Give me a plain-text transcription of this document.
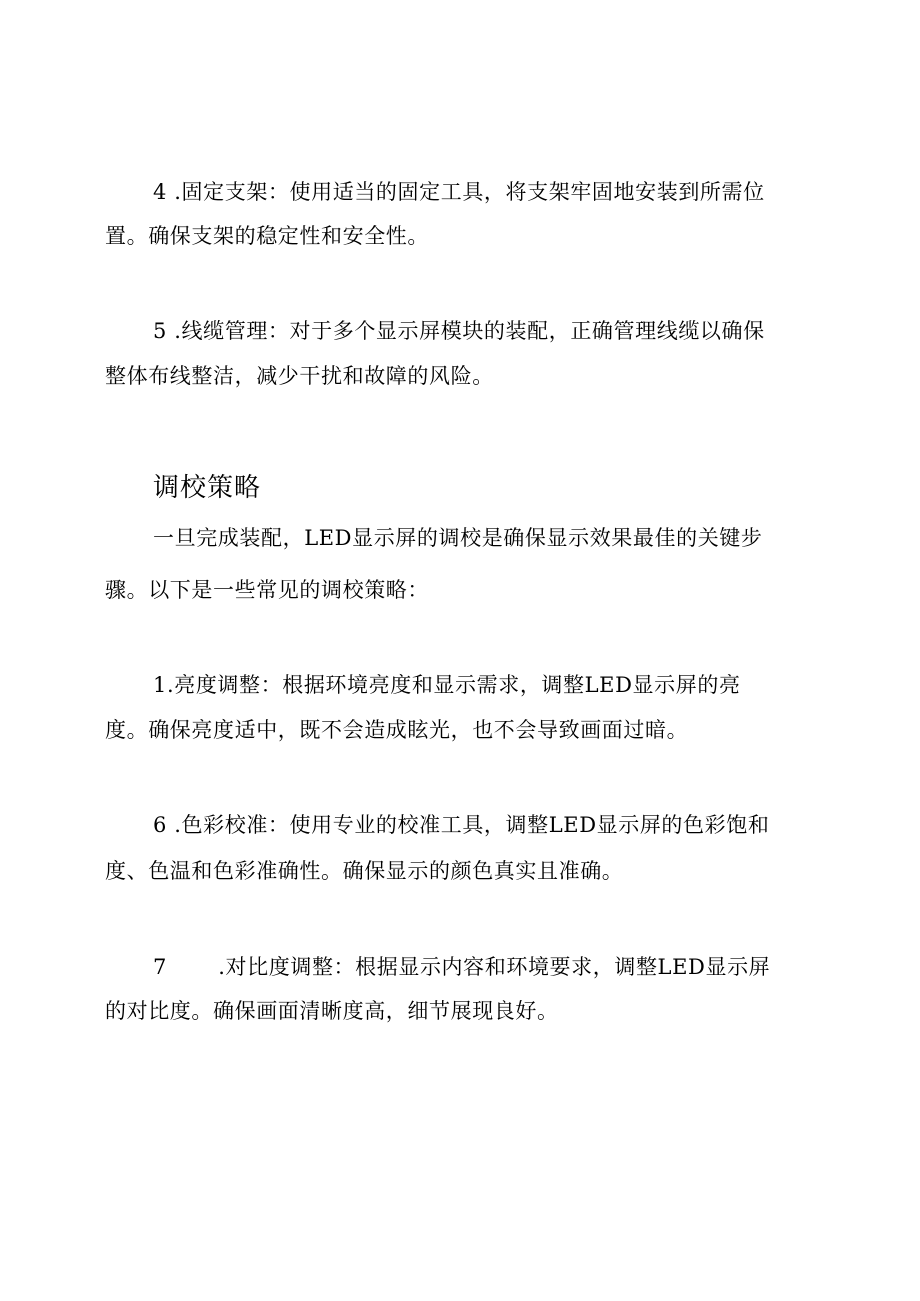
4 .固定支架：使用适当的固定工具，将支架牢固地安装到所需位
置。确保支架的稳定性和安全性。
5 .线缆管理：对于多个显示屏模块的装配，正确管理线缆以确保
整体布线整洁，减少干扰和故障的风险。
调校策略
一旦完成装配，LED显示屏的调校是确保显示效果最佳的关键步
骤。以下是一些常见的调校策略：
1.亮度调整：根据环境亮度和显示需求，调整LED显示屏的亮
度。确保亮度适中，既不会造成眩光，也不会导致画面过暗。
6 .色彩校准：使用专业的校准工具，调整LED显示屏的色彩饱和
度、色温和色彩准确性。确保显示的颜色真实且准确。
7 .对比度调整：根据显示内容和环境要求，调整LED显示屏
的对比度。确保画面清晰度高，细节展现良好。
